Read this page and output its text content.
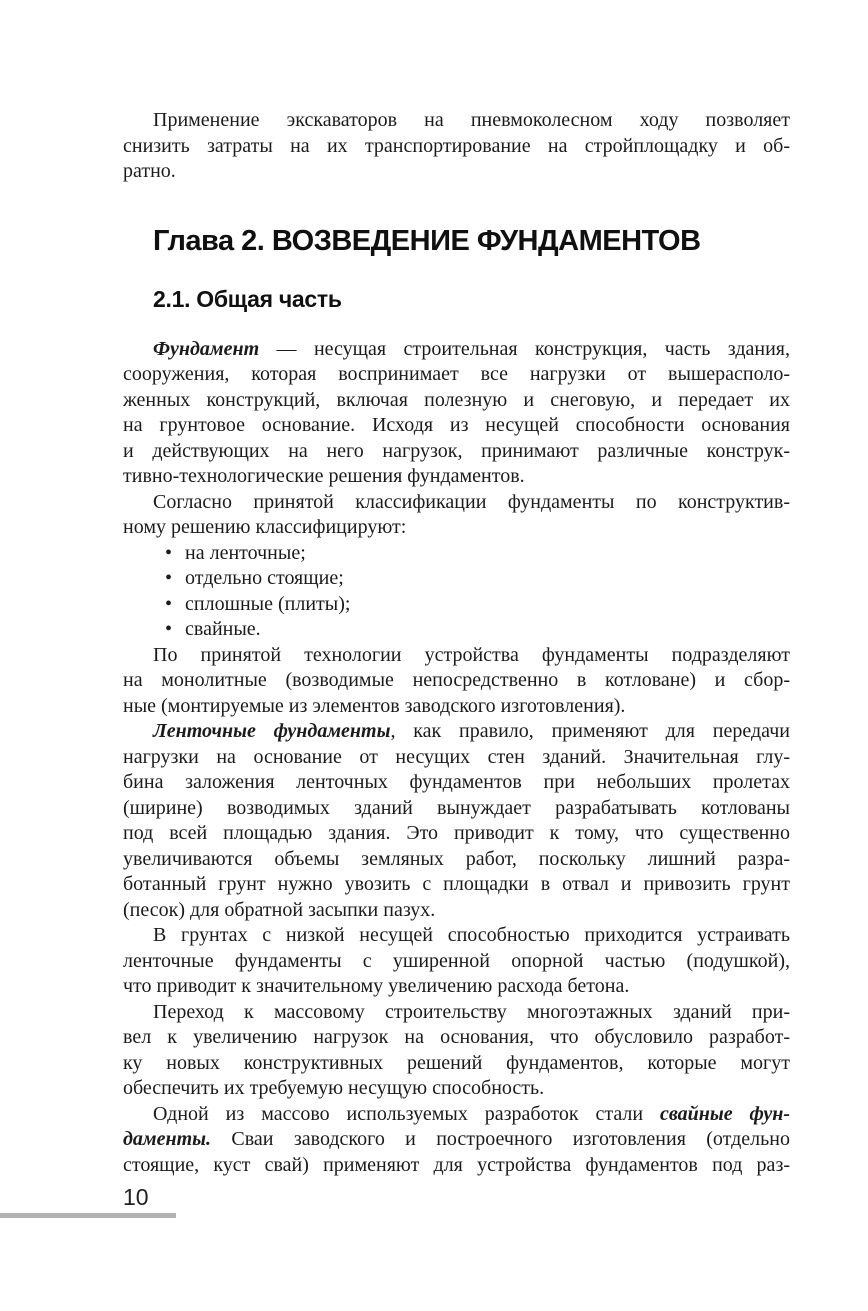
Применение экскаваторов на пневмоколесном ходу позволяет
снизить затраты на их транспортирование на стройплощадку и об-
ратно.
Глава 2. ВОЗВЕДЕНИЕ ФУНДАМЕНТОВ
2.1. Общая часть
Фундамент — несущая строительная конструкция, часть здания,
сооружения, которая воспринимает все нагрузки от вышерасполо-
женных конструкций, включая полезную и снеговую, и передает их
на грунтовое основание. Исходя из несущей способности основания
и действующих на него нагрузок, принимают различные конструк-
тивно-технологические решения фундаментов.
Согласно принятой классификации фундаменты по конструктив-
ному решению классифицируют:
• на ленточные;
• отдельно стоящие;
• сплошные (плиты);
• свайные.
По принятой технологии устройства фундаменты подразделяют
на монолитные (возводимые непосредственно в котловане) и сбор-
ные (монтируемые из элементов заводского изготовления).
Ленточные фундаменты, как правило, применяют для передачи
нагрузки на основание от несущих стен зданий. Значительная глу-
бина заложения ленточных фундаментов при небольших пролетах
(ширине) возводимых зданий вынуждает разрабатывать котлованы
под всей площадью здания. Это приводит к тому, что существенно
увеличиваются объемы земляных работ, поскольку лишний разра-
ботанный грунт нужно увозить с площадки в отвал и привозить грунт
(песок) для обратной засыпки пазух.
В грунтах с низкой несущей способностью приходится устраивать
ленточные фундаменты с уширенной опорной частью (подушкой),
что приводит к значительному увеличению расхода бетона.
Переход к массовому строительству многоэтажных зданий при-
вел к увеличению нагрузок на основания, что обусловило разработ-
ку новых конструктивных решений фундаментов, которые могут
обеспечить их требуемую несущую способность.
Одной из массово используемых разработок стали свайные фун-
даменты. Сваи заводского и построечного изготовления (отдельно
стоящие, куст свай) применяют для устройства фундаментов под раз-
10
